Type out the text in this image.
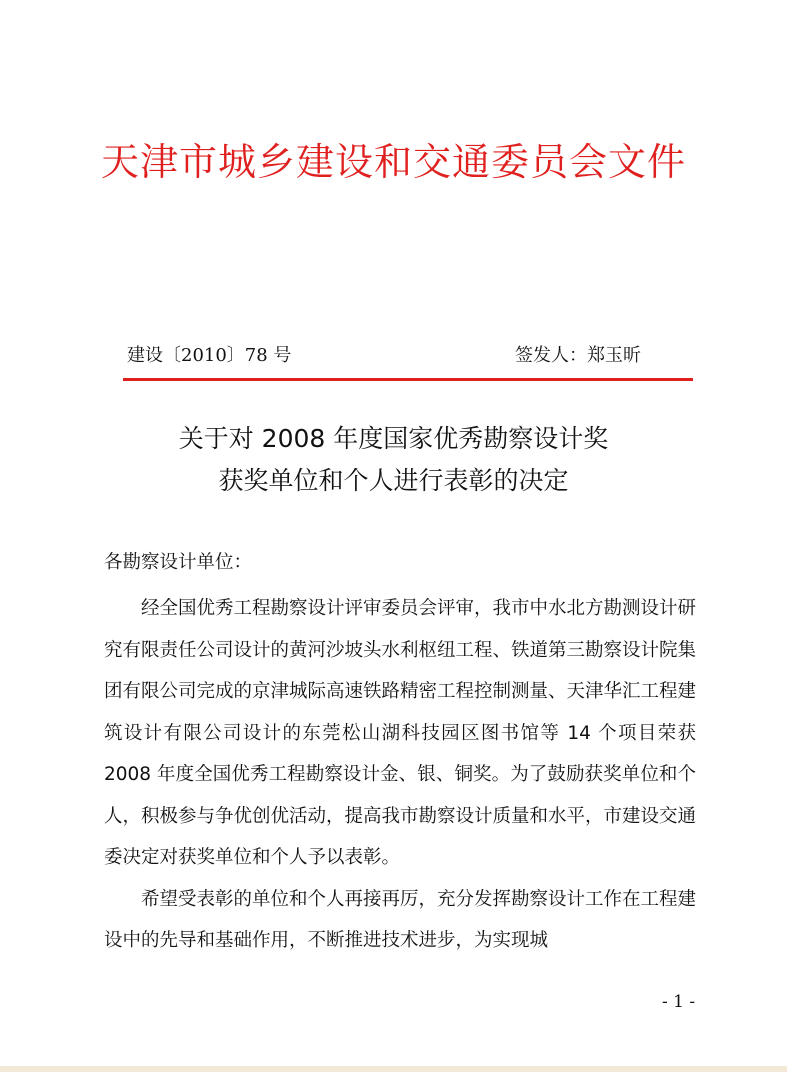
天津市城乡建设和交通委员会文件
建设〔2010〕78 号	签发人：郑玉昕
关于对 2008 年度国家优秀勘察设计奖
获奖单位和个人进行表彰的决定
各勘察设计单位：

经全国优秀工程勘察设计评审委员会评审，我市中水北方勘测设计研究有限责任公司设计的黄河沙坡头水利枢纽工程、铁道第三勘察设计院集团有限公司完成的京津城际高速铁路精密工程控制测量、天津华汇工程建筑设计有限公司设计的东莞松山湖科技园区图书馆等 14 个项目荣获 2008 年度全国优秀工程勘察设计金、银、铜奖。为了鼓励获奖单位和个人，积极参与争优创优活动，提高我市勘察设计质量和水平，市建设交通委决定对获奖单位和个人予以表彰。

希望受表彰的单位和个人再接再厉，充分发挥勘察设计工作在工程建设中的先导和基础作用，不断推进技术进步，为实现城

- 1 -
